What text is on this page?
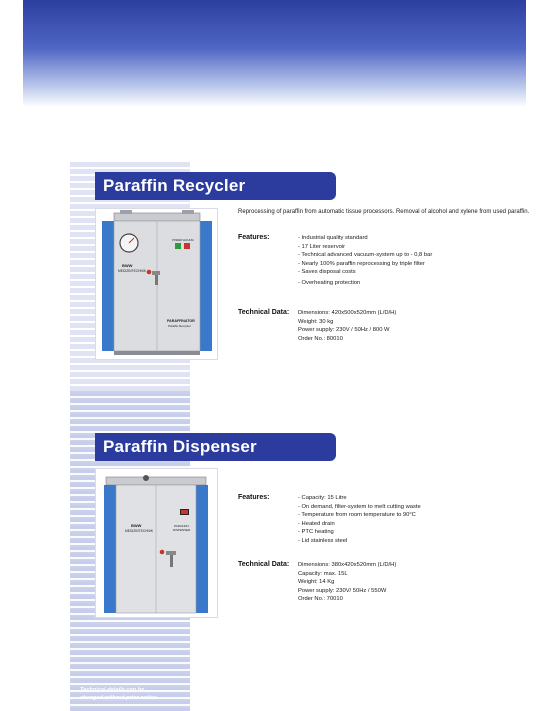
Paraffin Recycler
BWW
MEDIZINTECHNIK
POWER VACUUM
PARAFFINATOR
Paraffin Recycler
Reprocessing of paraffin from automatic tissue processors. Removal of alcohol and xylene from used paraffin.
Features:	- Industrial quality standard
- 17 Liter reservoir
- Technical advanced vacuum-system up to - 0,8 bar
- Nearly 100% paraffin reprocessing by triple filter
- Saves disposal costs
- Overheating protection
Technical Data: Dimensions: 420x500x520mm (L/D/H)
Weight: 30 kg
Power supply: 230V / 50Hz / 800 W
Order No.: 80010
Paraffin Dispenser
BWW
MEDIZINTECHNIK
PARAFFIN
DISPENSER
Features:	- Capacity: 15 Litre
- On demand, filter-system to melt cutting waste
- Temperature from room temperature to 90°C
- Heated drain
- PTC heating
- Lid stainless steel
Technical Data: Dimensions: 380x420x520mm (L/D/H)
Capacity: max. 15L
Weight: 14 Kg
Power supply: 230V/ 50Hz / 550W
Order No.: 70010
Technical details can be
changed without prior notice.
